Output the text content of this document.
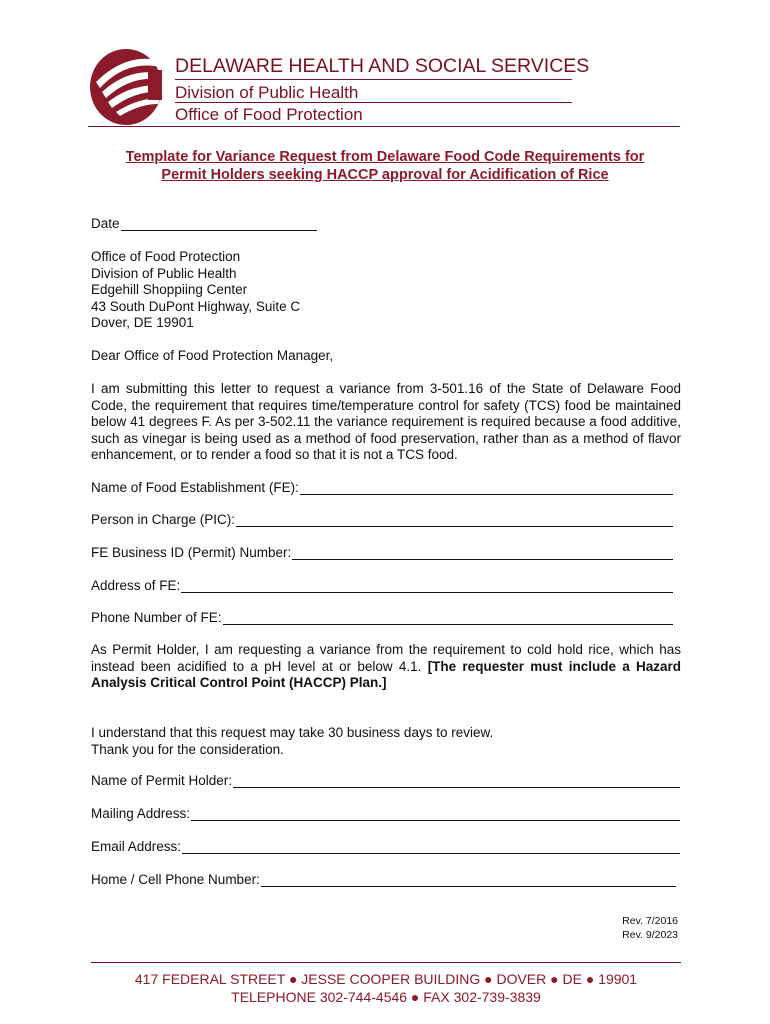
DELAWARE HEALTH AND SOCIAL SERVICES
Division of Public Health
Office of Food Protection
Template for Variance Request from Delaware Food Code Requirements for
Permit Holders seeking HACCP approval for Acidification of Rice
Date
Office of Food Protection
Division of Public Health
Edgehill Shoppiing Center
43 South DuPont Highway, Suite C
Dover, DE 19901
Dear Office of Food Protection Manager,
I am submitting this letter to request a variance from 3-501.16 of the State of Delaware Food Code, the requirement that requires time/temperature control for safety (TCS) food be maintained below 41 degrees F. As per 3-502.11 the variance requirement is required because a food additive, such as vinegar is being used as a method of food preservation, rather than as a method of flavor enhancement, or to render a food so that it is not a TCS food.
Name of Food Establishment (FE):
Person in Charge (PIC):
FE Business ID (Permit) Number:
Address of FE:
Phone Number of FE:
As Permit Holder, I am requesting a variance from the requirement to cold hold rice, which has instead been acidified to a pH level at or below 4.1. [The requester must include a Hazard Analysis Critical Control Point (HACCP) Plan.]
I understand that this request may take 30 business days to review.
Thank you for the consideration.
Name of Permit Holder:
Mailing Address:
Email Address:
Home / Cell Phone Number:
Rev. 7/2016
Rev. 9/2023
417 FEDERAL STREET ● JESSE COOPER BUILDING ● DOVER ● DE ● 19901
TELEPHONE 302-744-4546 ● FAX 302-739-3839
